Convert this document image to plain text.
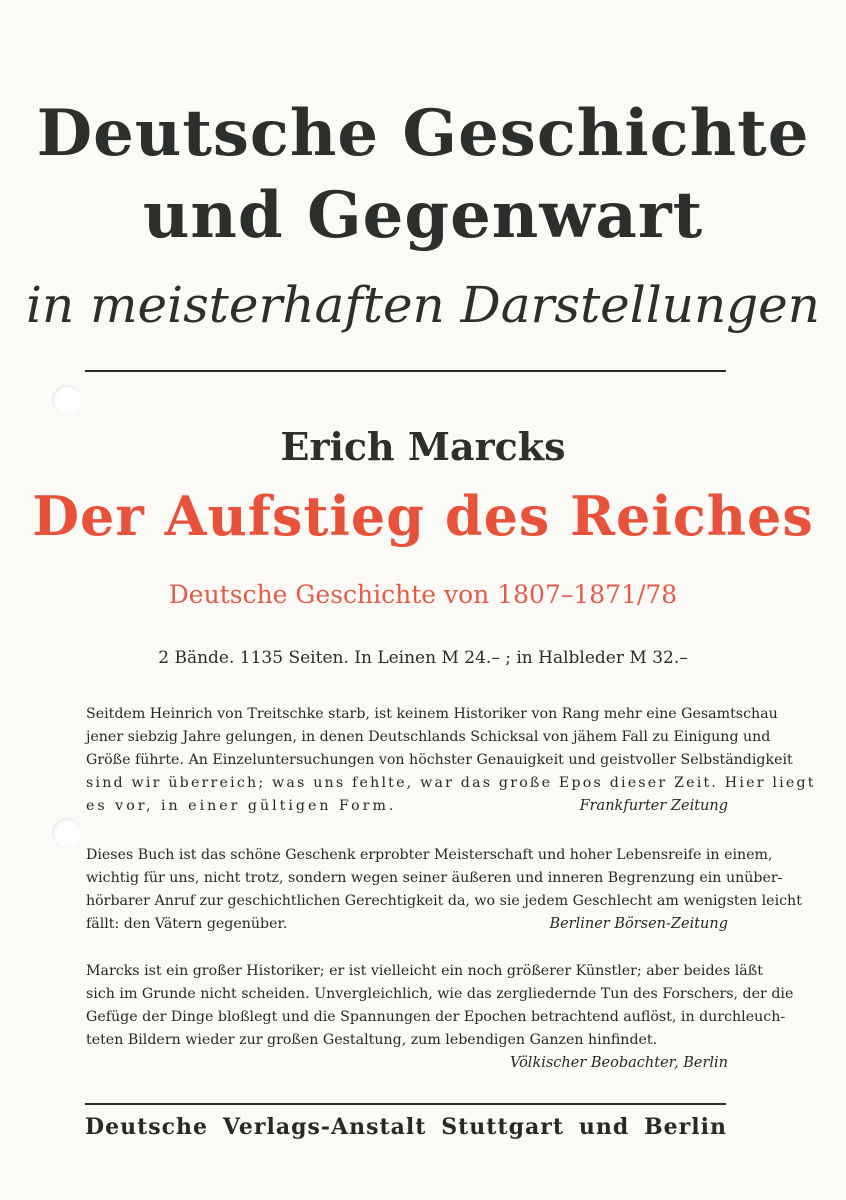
Deutsche Geschichte
und Gegenwart
in meisterhaften Darstellungen
Erich Marcks
Der Aufstieg des Reiches
Deutsche Geschichte von 1807–1871/78
2 Bände. 1135 Seiten. In Leinen M 24.– ; in Halbleder M 32.–
Seitdem Heinrich von Treitschke starb, ist keinem Historiker von Rang mehr eine Gesamtschau
jener siebzig Jahre gelungen, in denen Deutschlands Schicksal von jähem Fall zu Einigung und
Größe führte. An Einzeluntersuchungen von höchster Genauigkeit und geistvoller Selbständigkeit
sind wir überreich; was uns fehlte, war das große Epos dieser Zeit. Hier liegt
es vor, in einer gültigen Form.	Frankfurter Zeitung
Dieses Buch ist das schöne Geschenk erprobter Meisterschaft und hoher Lebensreife in einem,
wichtig für uns, nicht trotz, sondern wegen seiner äußeren und inneren Begrenzung ein unüber-
hörbarer Anruf zur geschichtlichen Gerechtigkeit da, wo sie jedem Geschlecht am wenigsten leicht
fällt: den Vätern gegenüber.	Berliner Börsen-Zeitung
Marcks ist ein großer Historiker; er ist vielleicht ein noch größerer Künstler; aber beides läßt
sich im Grunde nicht scheiden. Unvergleichlich, wie das zergliedernde Tun des Forschers, der die
Gefüge der Dinge bloßlegt und die Spannungen der Epochen betrachtend auflöst, in durchleuch-
teten Bildern wieder zur großen Gestaltung, zum lebendigen Ganzen hinfindet.
Völkischer Beobachter, Berlin
Deutsche Verlags-Anstalt Stuttgart und Berlin
